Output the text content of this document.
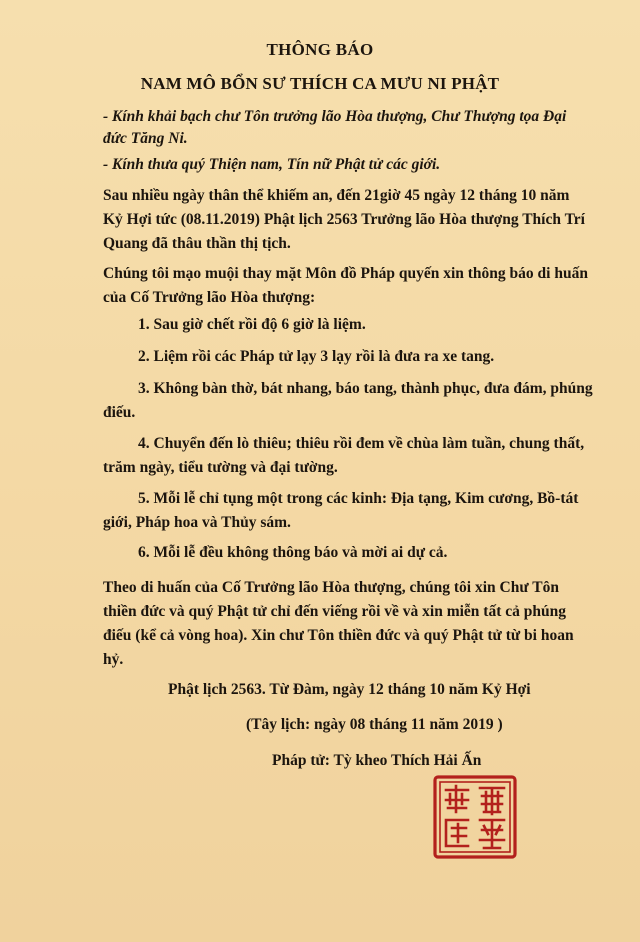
THÔNG BÁO
NAM MÔ BỔN SƯ THÍCH CA MƯU NI PHẬT
- Kính khải bạch chư Tôn trưởng lão Hòa thượng, Chư Thượng tọa Đại đức Tăng Ni.
- Kính thưa quý Thiện nam, Tín nữ Phật tử các giới.
Sau nhiều ngày thân thể khiếm an, đến 21giờ 45 ngày 12 tháng 10 năm Kỷ Hợi tức (08.11.2019) Phật lịch 2563 Trưởng lão Hòa thượng Thích Trí Quang đã thâu thần thị tịch.
Chúng tôi mạo muội thay mặt Môn đồ Pháp quyến xin thông báo di huấn của Cố Trưởng lão Hòa thượng:
1. Sau giờ chết rồi độ 6 giờ là liệm.
2. Liệm rồi các Pháp tử lạy 3 lạy rồi là đưa ra xe tang.
3. Không bàn thờ, bát nhang, báo tang, thành phục, đưa đám, phúng điếu.
4. Chuyển đến lò thiêu; thiêu rồi đem về chùa làm tuần, chung thất, trăm ngày, tiểu tường và đại tường.
5. Mỗi lễ chỉ tụng một trong các kinh: Địa tạng, Kim cương, Bồ-tát giới, Pháp hoa và Thủy sám.
6. Mỗi lễ đều không thông báo và mời ai dự cả.
Theo di huấn của Cố Trưởng lão Hòa thượng, chúng tôi xin Chư Tôn thiền đức và quý Phật tử chỉ đến viếng rồi về và xin miễn tất cả phúng điếu (kể cả vòng hoa). Xin chư Tôn thiền đức và quý Phật tử từ bi hoan hỷ.
Phật lịch 2563. Từ Đàm, ngày 12 tháng 10 năm Kỷ Hợi
(Tây lịch: ngày 08 tháng 11 năm 2019 )
Pháp tử: Tỳ kheo Thích Hải Ấn
